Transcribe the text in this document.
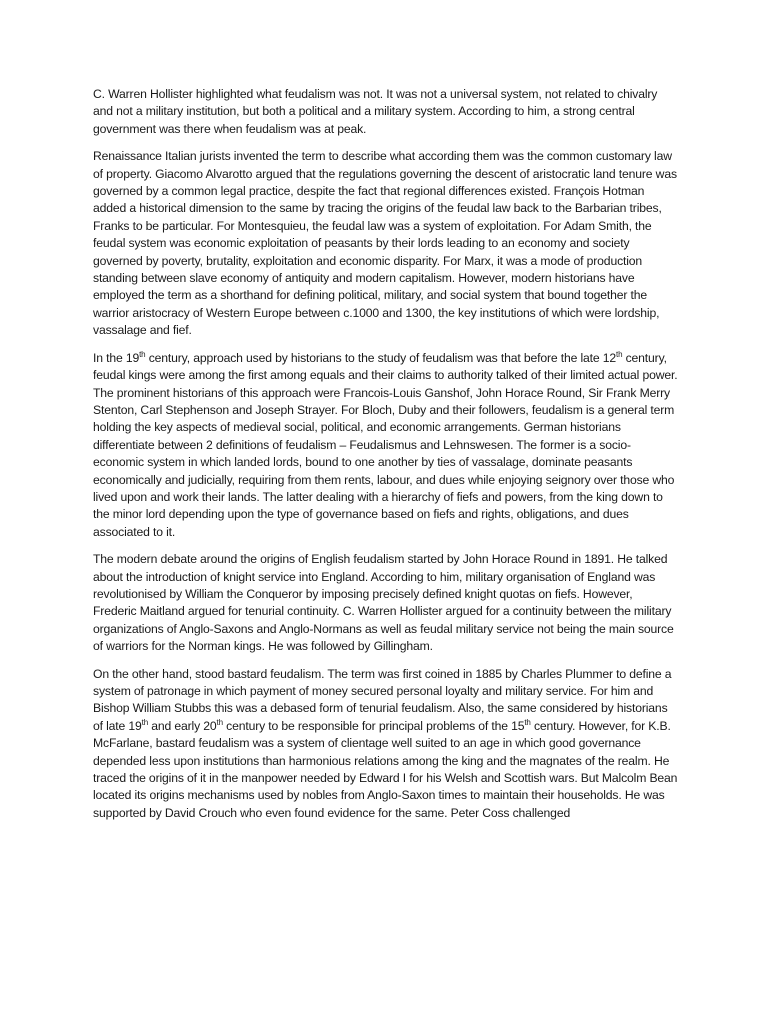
C. Warren Hollister highlighted what feudalism was not. It was not a universal system, not related to chivalry and not a military institution, but both a political and a military system. According to him, a strong central government was there when feudalism was at peak.

Renaissance Italian jurists invented the term to describe what according them was the common customary law of property. Giacomo Alvarotto argued that the regulations governing the descent of aristocratic land tenure was governed by a common legal practice, despite the fact that regional differences existed. François Hotman added a historical dimension to the same by tracing the origins of the feudal law back to the Barbarian tribes, Franks to be particular. For Montesquieu, the feudal law was a system of exploitation. For Adam Smith, the feudal system was economic exploitation of peasants by their lords leading to an economy and society governed by poverty, brutality, exploitation and economic disparity. For Marx, it was a mode of production standing between slave economy of antiquity and modern capitalism. However, modern historians have employed the term as a shorthand for defining political, military, and social system that bound together the warrior aristocracy of Western Europe between c.1000 and 1300, the key institutions of which were lordship, vassalage and fief.

In the 19th century, approach used by historians to the study of feudalism was that before the late 12th century, feudal kings were among the first among equals and their claims to authority talked of their limited actual power. The prominent historians of this approach were Francois-Louis Ganshof, John Horace Round, Sir Frank Merry Stenton, Carl Stephenson and Joseph Strayer. For Bloch, Duby and their followers, feudalism is a general term holding the key aspects of medieval social, political, and economic arrangements. German historians differentiate between 2 definitions of feudalism – Feudalismus and Lehnswesen. The former is a socio-economic system in which landed lords, bound to one another by ties of vassalage, dominate peasants economically and judicially, requiring from them rents, labour, and dues while enjoying seignory over those who lived upon and work their lands. The latter dealing with a hierarchy of fiefs and powers, from the king down to the minor lord depending upon the type of governance based on fiefs and rights, obligations, and dues associated to it.

The modern debate around the origins of English feudalism started by John Horace Round in 1891. He talked about the introduction of knight service into England. According to him, military organisation of England was revolutionised by William the Conqueror by imposing precisely defined knight quotas on fiefs. However, Frederic Maitland argued for tenurial continuity. C. Warren Hollister argued for a continuity between the military organizations of Anglo-Saxons and Anglo-Normans as well as feudal military service not being the main source of warriors for the Norman kings. He was followed by Gillingham.

On the other hand, stood bastard feudalism. The term was first coined in 1885 by Charles Plummer to define a system of patronage in which payment of money secured personal loyalty and military service. For him and Bishop William Stubbs this was a debased form of tenurial feudalism. Also, the same considered by historians of late 19th and early 20th century to be responsible for principal problems of the 15th century. However, for K.B. McFarlane, bastard feudalism was a system of clientage well suited to an age in which good governance depended less upon institutions than harmonious relations among the king and the magnates of the realm. He traced the origins of it in the manpower needed by Edward I for his Welsh and Scottish wars. But Malcolm Bean located its origins mechanisms used by nobles from Anglo-Saxon times to maintain their households. He was supported by David Crouch who even found evidence for the same. Peter Coss challenged
